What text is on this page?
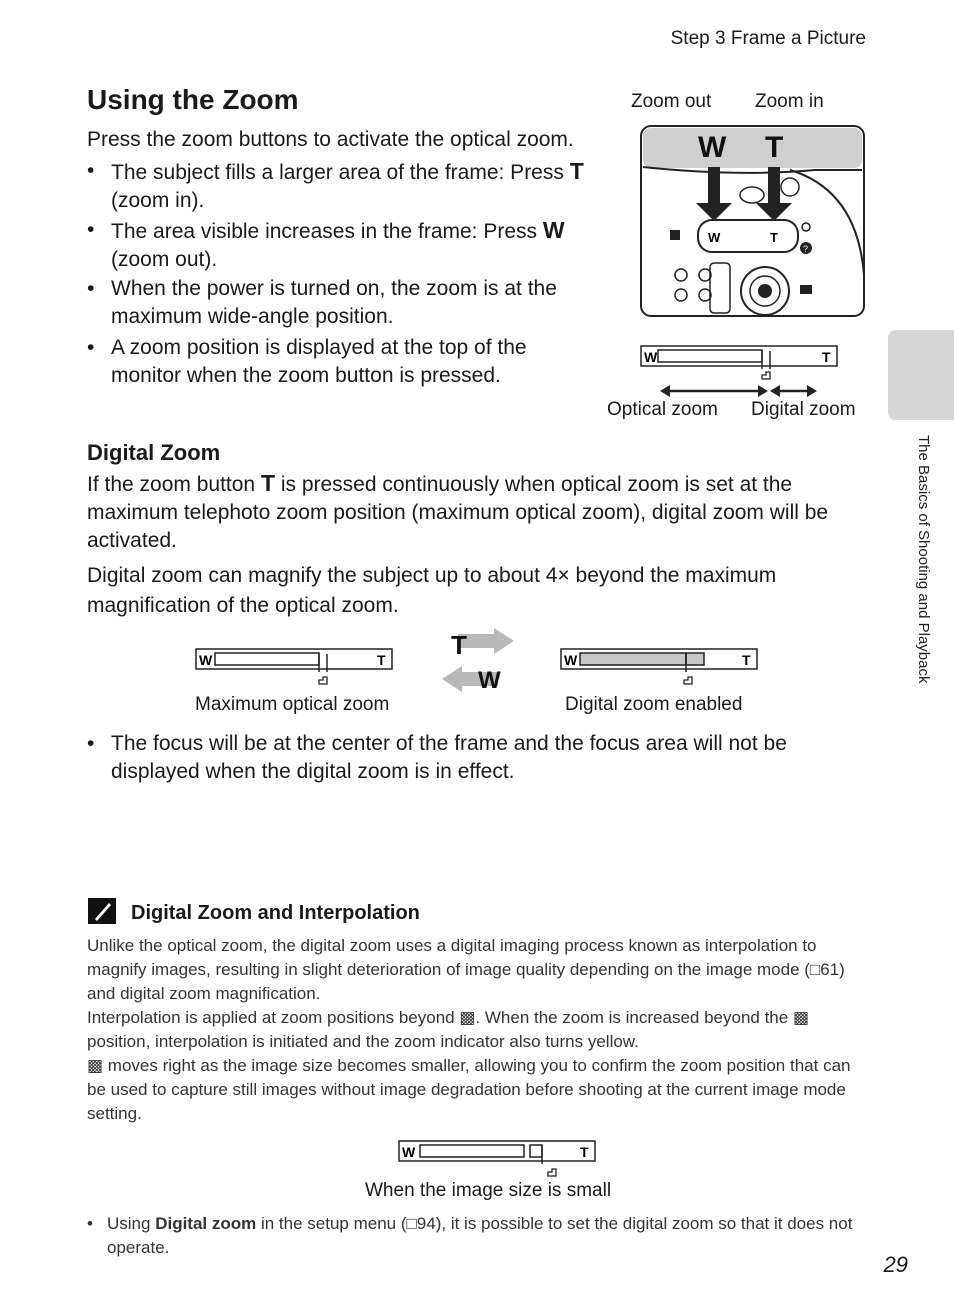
Step 3 Frame a Picture
Using the Zoom
Press the zoom buttons to activate the optical zoom.
• The subject fills a larger area of the frame: Press T (zoom in).
• The area visible increases in the frame: Press W (zoom out).
• When the power is turned on, the zoom is at the maximum wide-angle position.
• A zoom position is displayed at the top of the monitor when the zoom button is pressed.
Zoom out Zoom in
W	T
?
W T
W	T
Optical zoom Digital zoom
Digital Zoom
If the zoom button T is pressed continuously when optical zoom is set at the maximum telephoto zoom position (maximum optical zoom), digital zoom will be activated.
Digital zoom can magnify the subject up to about 4× beyond the maximum magnification of the optical zoom.
W	T
Maximum optical zoom
T
W
W	T
Digital zoom enabled
• The focus will be at the center of the frame and the focus area will not be displayed when the digital zoom is in effect.
Digital Zoom and Interpolation
Unlike the optical zoom, the digital zoom uses a digital imaging process known as interpolation to magnify images, resulting in slight deterioration of image quality depending on the image mode (□61) and digital zoom magnification.
Interpolation is applied at zoom positions beyond ▩. When the zoom is increased beyond the ▩ position, interpolation is initiated and the zoom indicator also turns yellow.
▩ moves right as the image size becomes smaller, allowing you to confirm the zoom position that can be used to capture still images without image degradation before shooting at the current image mode setting.
W	T
When the image size is small
• Using Digital zoom in the setup menu (□94), it is possible to set the digital zoom so that it does not operate.
The Basics of Shooting and Playback
29
